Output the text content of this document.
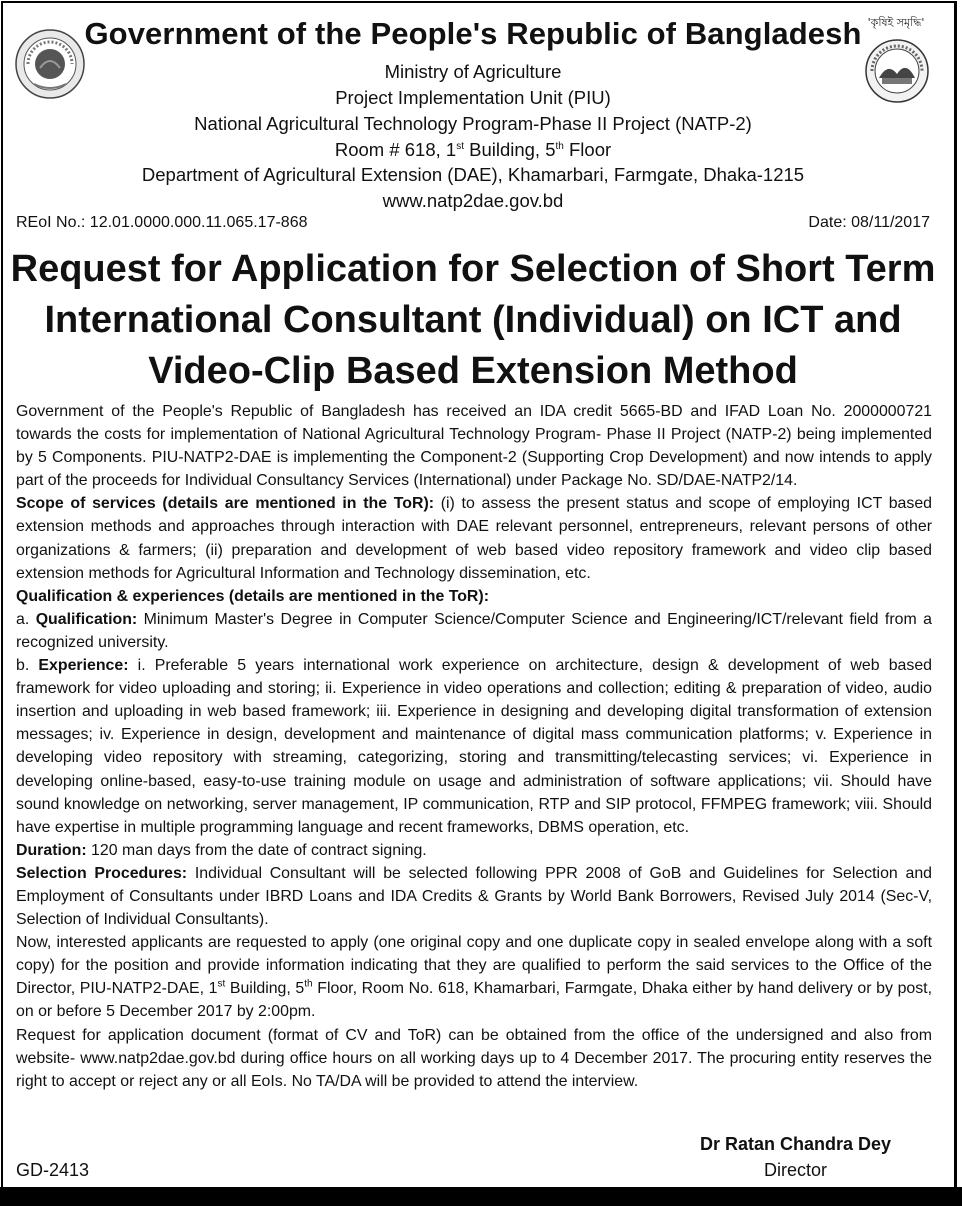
'কৃষিই সমৃদ্ধি'
Government of the People's Republic of Bangladesh
Ministry of Agriculture
Project Implementation Unit (PIU)
National Agricultural Technology Program-Phase II Project (NATP-2)
Room # 618, 1st Building, 5th Floor
Department of Agricultural Extension (DAE), Khamarbari, Farmgate, Dhaka-1215
www.natp2dae.gov.bd
REoI No.: 12.01.0000.000.11.065.17-868	Date: 08/11/2017
Request for Application for Selection of Short Term
International Consultant (Individual) on ICT and
Video-Clip Based Extension Method

Government of the People's Republic of Bangladesh has received an IDA credit 5665-BD and IFAD Loan No. 2000000721 towards the costs for implementation of National Agricultural Technology Program- Phase II Project (NATP-2) being implemented by 5 Components. PIU-NATP2-DAE is implementing the Component-2 (Supporting Crop Development) and now intends to apply part of the proceeds for Individual Consultancy Services (International) under Package No. SD/DAE-NATP2/14.

Scope of services (details are mentioned in the ToR): (i) to assess the present status and scope of employing ICT based extension methods and approaches through interaction with DAE relevant personnel, entrepreneurs, relevant persons of other organizations & farmers; (ii) preparation and development of web based video repository framework and video clip based extension methods for Agricultural Information and Technology dissemination, etc.

Qualification & experiences (details are mentioned in the ToR):

a. Qualification: Minimum Master's Degree in Computer Science/Computer Science and Engineering/ICT/relevant field from a recognized university.

b. Experience: i. Preferable 5 years international work experience on architecture, design & development of web based framework for video uploading and storing; ii. Experience in video operations and collection; editing & preparation of video, audio insertion and uploading in web based framework; iii. Experience in designing and developing digital transformation of extension messages; iv. Experience in design, development and maintenance of digital mass communication platforms; v. Experience in developing video repository with streaming, categorizing, storing and transmitting/telecasting services; vi. Experience in developing online-based, easy-to-use training module on usage and administration of software applications; vii. Should have sound knowledge on networking, server management, IP communication, RTP and SIP protocol, FFMPEG framework; viii. Should have expertise in multiple programming language and recent frameworks, DBMS operation, etc.

Duration: 120 man days from the date of contract signing.

Selection Procedures: Individual Consultant will be selected following PPR 2008 of GoB and Guidelines for Selection and Employment of Consultants under IBRD Loans and IDA Credits & Grants by World Bank Borrowers, Revised July 2014 (Sec-V, Selection of Individual Consultants).

Now, interested applicants are requested to apply (one original copy and one duplicate copy in sealed envelope along with a soft copy) for the position and provide information indicating that they are qualified to perform the said services to the Office of the Director, PIU-NATP2-DAE, 1st Building, 5th Floor, Room No. 618, Khamarbari, Farmgate, Dhaka either by hand delivery or by post, on or before 5 December 2017 by 2:00pm.

Request for application document (format of CV and ToR) can be obtained from the office of the undersigned and also from website- www.natp2dae.gov.bd during office hours on all working days up to 4 December 2017. The procuring entity reserves the right to accept or reject any or all EoIs. No TA/DA will be provided to attend the interview.

Dr Ratan Chandra Dey
Director
GD-2413
